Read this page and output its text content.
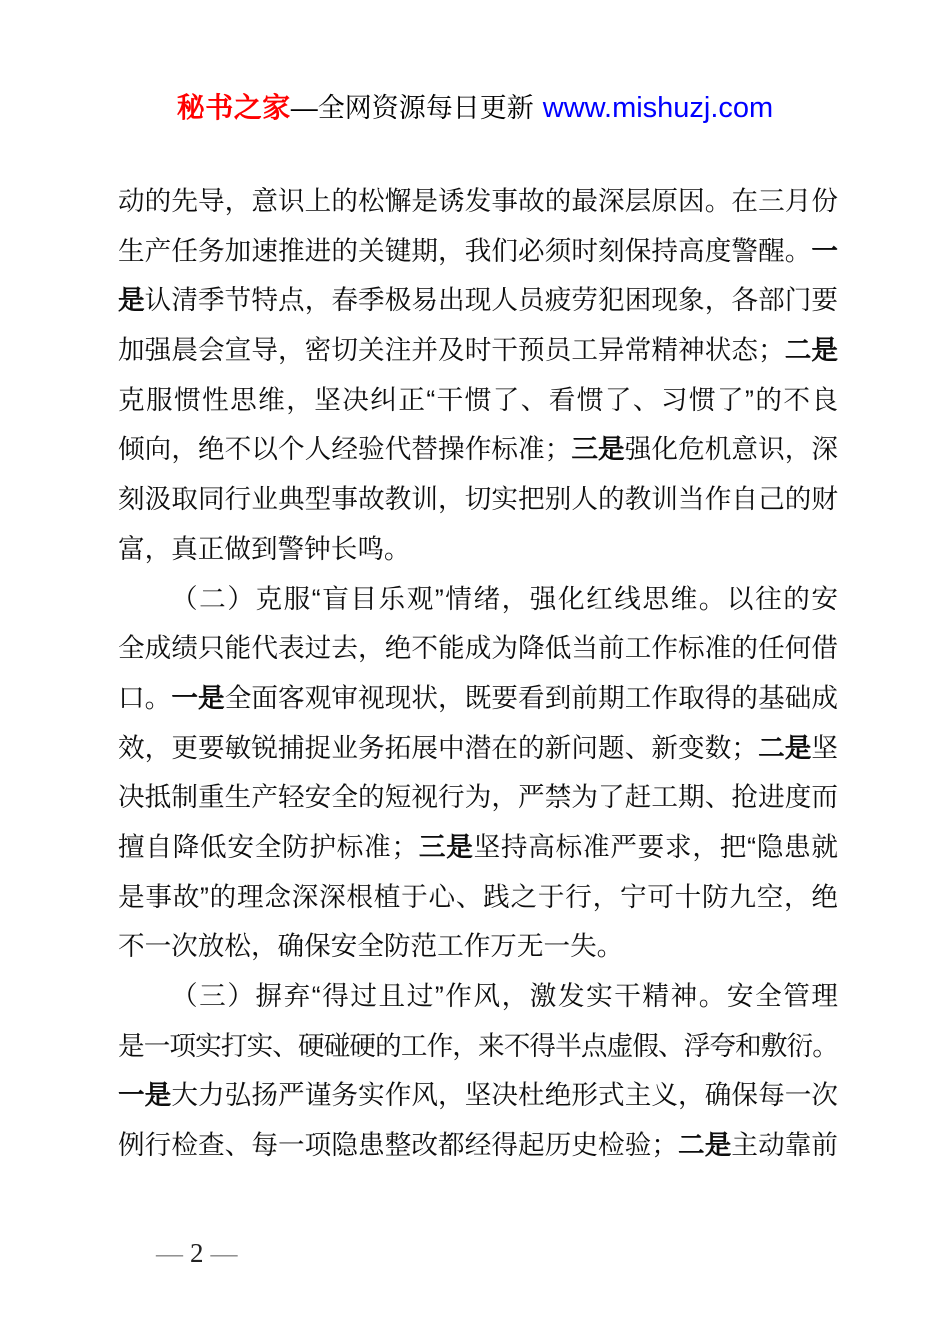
秘书之家—全网资源每日更新 www.mishuzj.com
动的先导，意识上的松懈是诱发事故的最深层原因。在三月份
生产任务加速推进的关键期，我们必须时刻保持高度警醒。一
是认清季节特点，春季极易出现人员疲劳犯困现象，各部门要
加强晨会宣导，密切关注并及时干预员工异常精神状态；二是
克服惯性思维，坚决纠正“干惯了、看惯了、习惯了”的不良
倾向，绝不以个人经验代替操作标准；三是强化危机意识，深
刻汲取同行业典型事故教训，切实把别人的教训当作自己的财
富，真正做到警钟长鸣。
（二）克服“盲目乐观”情绪，强化红线思维。以往的安
全成绩只能代表过去，绝不能成为降低当前工作标准的任何借
口。一是全面客观审视现状，既要看到前期工作取得的基础成
效，更要敏锐捕捉业务拓展中潜在的新问题、新变数；二是坚
决抵制重生产轻安全的短视行为，严禁为了赶工期、抢进度而
擅自降低安全防护标准；三是坚持高标准严要求，把“隐患就
是事故”的理念深深根植于心、践之于行，宁可十防九空，绝
不一次放松，确保安全防范工作万无一失。
（三）摒弃“得过且过”作风，激发实干精神。安全管理
是一项实打实、硬碰硬的工作，来不得半点虚假、浮夸和敷衍。
一是大力弘扬严谨务实作风，坚决杜绝形式主义，确保每一次
例行检查、每一项隐患整改都经得起历史检验；二是主动靠前
— 2 —
